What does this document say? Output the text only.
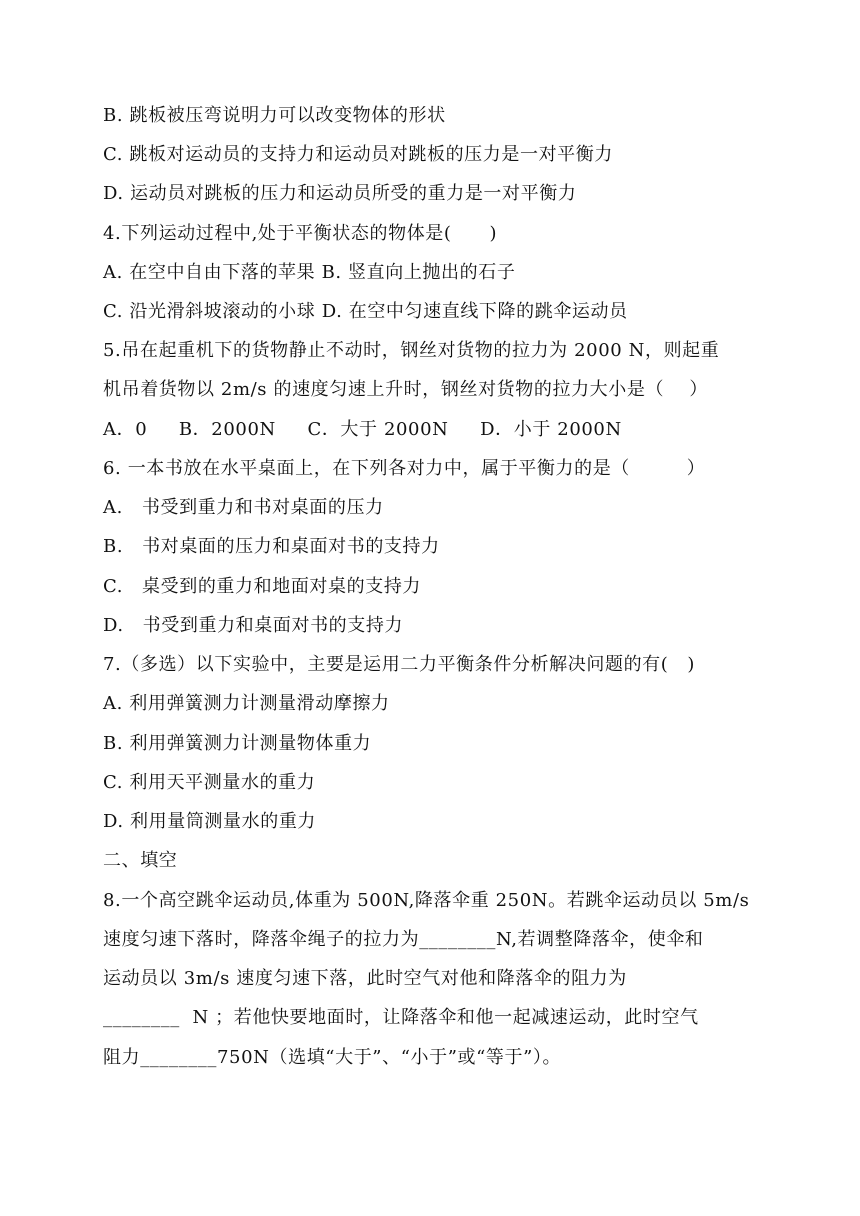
B. 跳板被压弯说明力可以改变物体的形状
C. 跳板对运动员的支持力和运动员对跳板的压力是一对平衡力
D. 运动员对跳板的压力和运动员所受的重力是一对平衡力
4.下列运动过程中,处于平衡状态的物体是(      )
A. 在空中自由下落的苹果 B. 竖直向上抛出的石子
C. 沿光滑斜坡滚动的小球 D. 在空中匀速直线下降的跳伞运动员
5.吊在起重机下的货物静止不动时，钢丝对货物的拉力为 2000 N，则起重
机吊着货物以 2m/s 的速度匀速上升时，钢丝对货物的拉力大小是（    ）
A．0     B．2000N     C．大于 2000N     D．小于 2000N
6. 一本书放在水平桌面上，在下列各对力中，属于平衡力的是（         ）
A.   书受到重力和书对桌面的压力
B.   书对桌面的压力和桌面对书的支持力
C.   桌受到的重力和地面对桌的支持力
D.   书受到重力和桌面对书的支持力
7.（多选）以下实验中，主要是运用二力平衡条件分析解决问题的有(   )
A. 利用弹簧测力计测量滑动摩擦力
B. 利用弹簧测力计测量物体重力
C. 利用天平测量水的重力
D. 利用量筒测量水的重力
二、填空
8.一个高空跳伞运动员,体重为 500N,降落伞重 250N。若跳伞运动员以 5m/s
速度匀速下落时，降落伞绳子的拉力为________N,若调整降落伞，使伞和
运动员以 3m/s 速度匀速下落，此时空气对他和降落伞的阻力为
________  N ；若他快要地面时，让降落伞和他一起减速运动，此时空气
阻力________750N（选填“大于”、“小于”或“等于”）。
